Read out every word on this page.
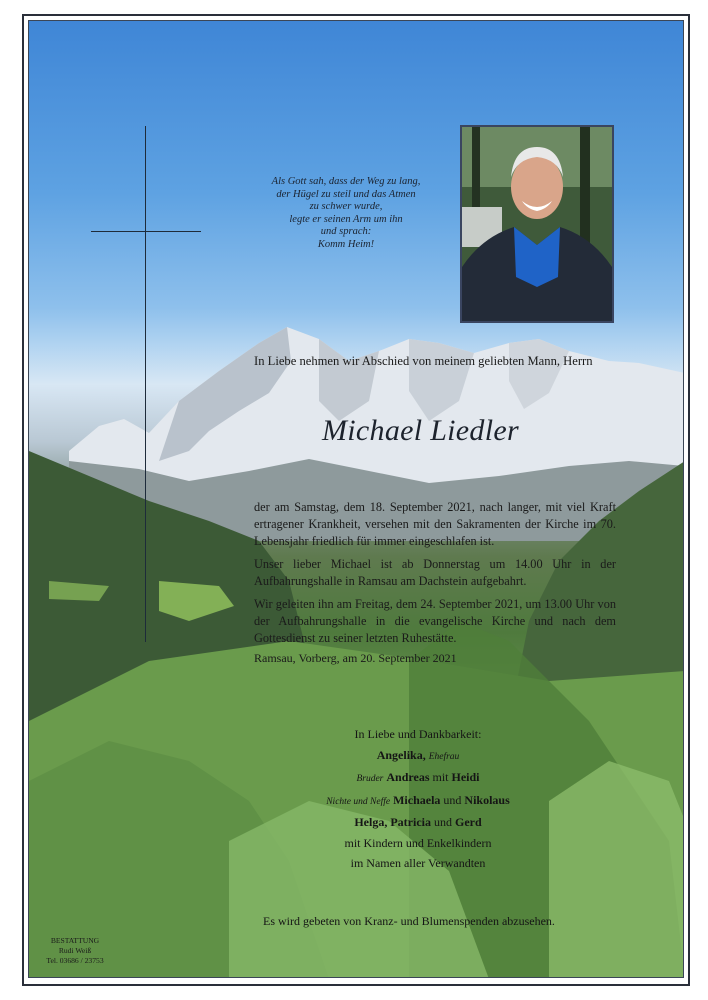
Als Gott sah, dass der Weg zu lang,
der Hügel zu steil und das Atmen
zu schwer wurde,
legte er seinen Arm um ihn
und sprach:
Komm Heim!
In Liebe nehmen wir Abschied von meinem geliebten Mann, Herrn
Michael Liedler
der am Samstag, dem 18. September 2021, nach langer, mit viel Kraft ertragener Krankheit, versehen mit den Sakramenten der Kirche im 70. Lebensjahr friedlich für immer eingeschlafen ist.
Unser lieber Michael ist ab Donnerstag um 14.00 Uhr in der Aufbahrungshalle in Ramsau am Dachstein aufgebahrt.
Wir geleiten ihn am Freitag, dem 24. September 2021, um 13.00 Uhr von der Aufbahrungshalle in die evangelische Kirche und nach dem Gottesdienst zu seiner letzten Ruhestätte.
Ramsau, Vorberg, am 20. September 2021
In Liebe und Dankbarkeit:
Angelika, Ehefrau
Bruder Andreas mit Heidi
Nichte und Neffe Michaela und Nikolaus
Helga, Patricia und Gerd
mit Kindern und Enkelkindern
im Namen aller Verwandten
Es wird gebeten von Kranz- und Blumenspenden abzusehen.
BESTATTUNG
Rudi Weiß
Tel. 03686 / 23753
